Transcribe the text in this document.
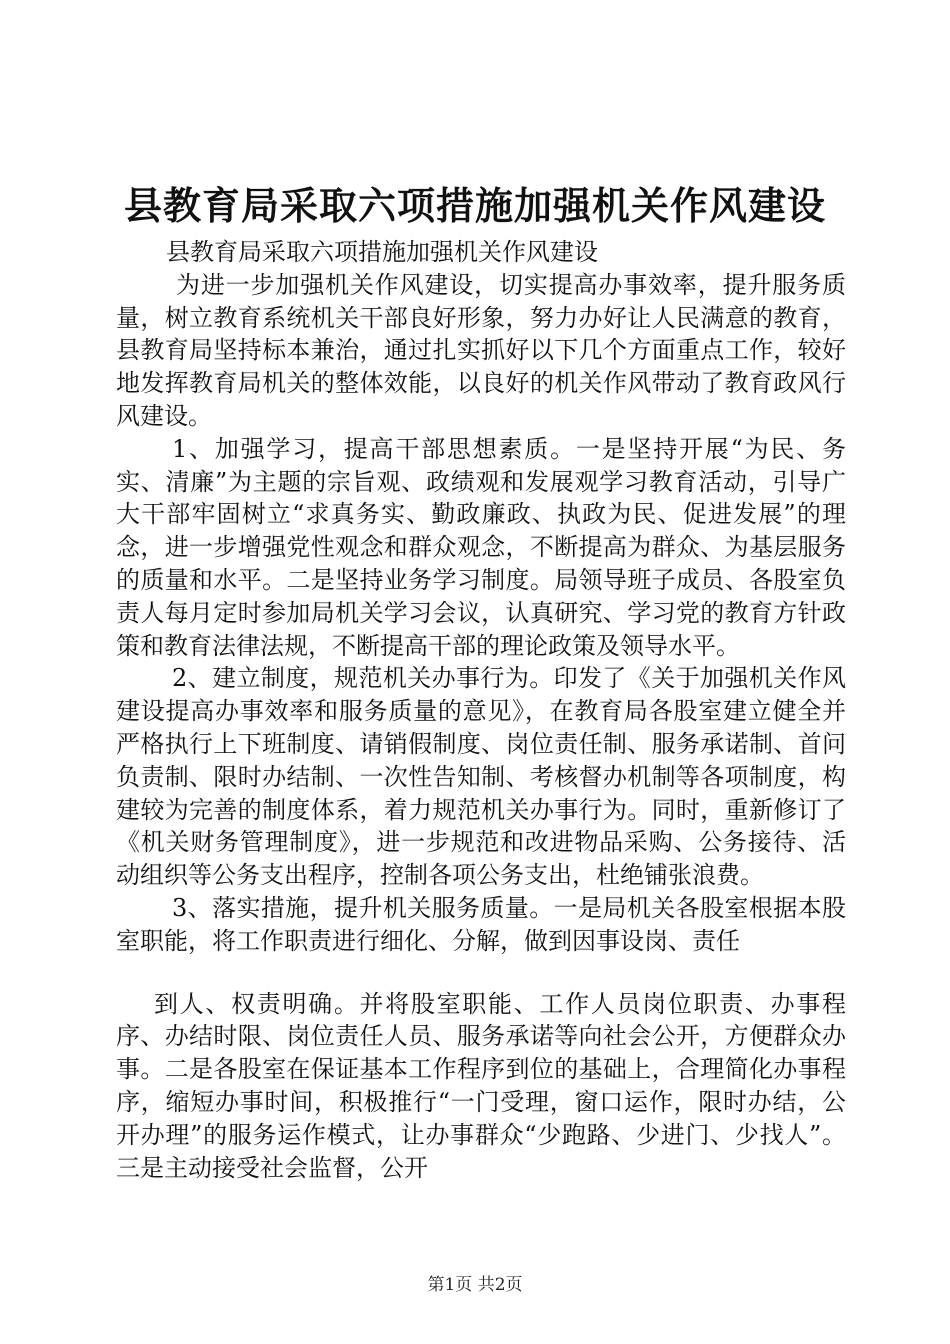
县教育局采取六项措施加强机关作风建设

县教育局采取六项措施加强机关作风建设

为进一步加强机关作风建设，切实提高办事效率，提升服务质量，树立教育系统机关干部良好形象，努力办好让人民满意的教育，县教育局坚持标本兼治，通过扎实抓好以下几个方面重点工作，较好地发挥教育局机关的整体效能，以良好的机关作风带动了教育政风行风建设。

1、加强学习，提高干部思想素质。一是坚持开展“为民、务实、清廉”为主题的宗旨观、政绩观和发展观学习教育活动，引导广大干部牢固树立“求真务实、勤政廉政、执政为民、促进发展”的理念，进一步增强党性观念和群众观念，不断提高为群众、为基层服务的质量和水平。二是坚持业务学习制度。局领导班子成员、各股室负责人每月定时参加局机关学习会议，认真研究、学习党的教育方针政策和教育法律法规，不断提高干部的理论政策及领导水平。

2、建立制度，规范机关办事行为。印发了《关于加强机关作风建设提高办事效率和服务质量的意见》，在教育局各股室建立健全并严格执行上下班制度、请销假制度、岗位责任制、服务承诺制、首问负责制、限时办结制、一次性告知制、考核督办机制等各项制度，构建较为完善的制度体系，着力规范机关办事行为。同时，重新修订了《机关财务管理制度》，进一步规范和改进物品采购、公务接待、活动组织等公务支出程序，控制各项公务支出，杜绝铺张浪费。

3、落实措施，提升机关服务质量。一是局机关各股室根据本股室职能，将工作职责进行细化、分解，做到因事设岗、责任

到人、权责明确。并将股室职能、工作人员岗位职责、办事程序、办结时限、岗位责任人员、服务承诺等向社会公开，方便群众办事。二是各股室在保证基本工作程序到位的基础上，合理简化办事程序，缩短办事时间，积极推行“一门受理，窗口运作，限时办结，公开办理”的服务运作模式，让办事群众“少跑路、少进门、少找人”。三是主动接受社会监督，公开

第1页 共2页
